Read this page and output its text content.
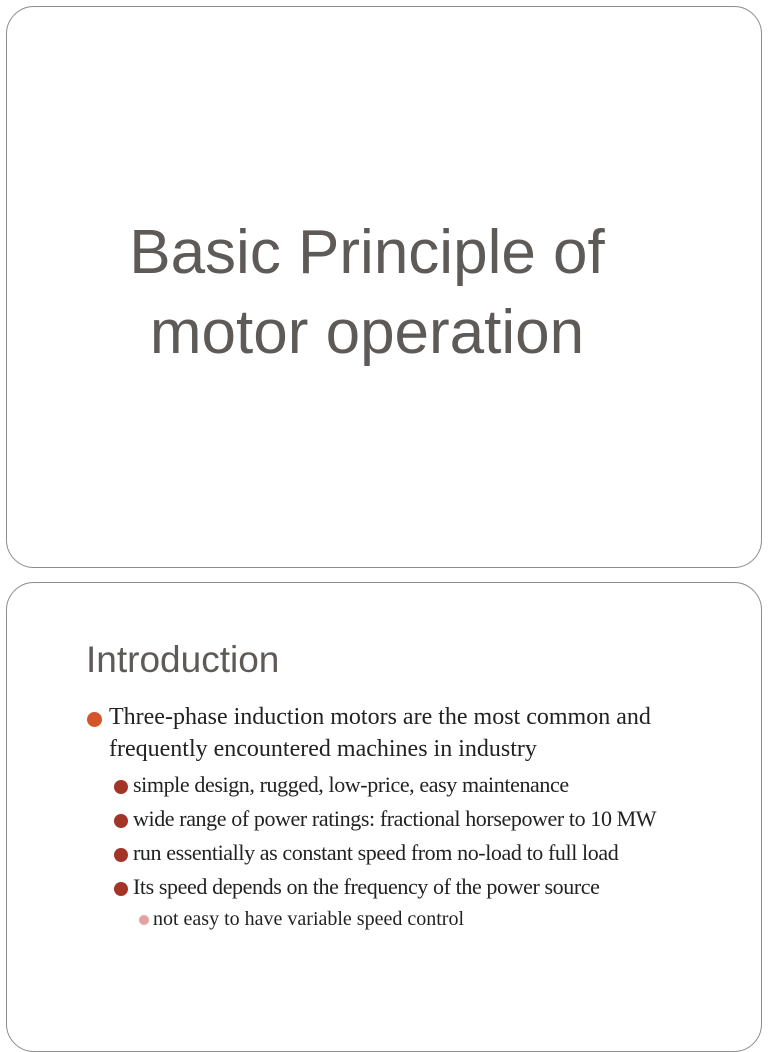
Basic Principle of
motor operation
Introduction
Three-phase induction motors are the most common and frequently encountered machines in industry
simple design, rugged, low-price, easy maintenance
wide range of power ratings: fractional horsepower to 10 MW
run essentially as constant speed from no-load to full load
Its speed depends on the frequency of the power source
not easy to have variable speed control
